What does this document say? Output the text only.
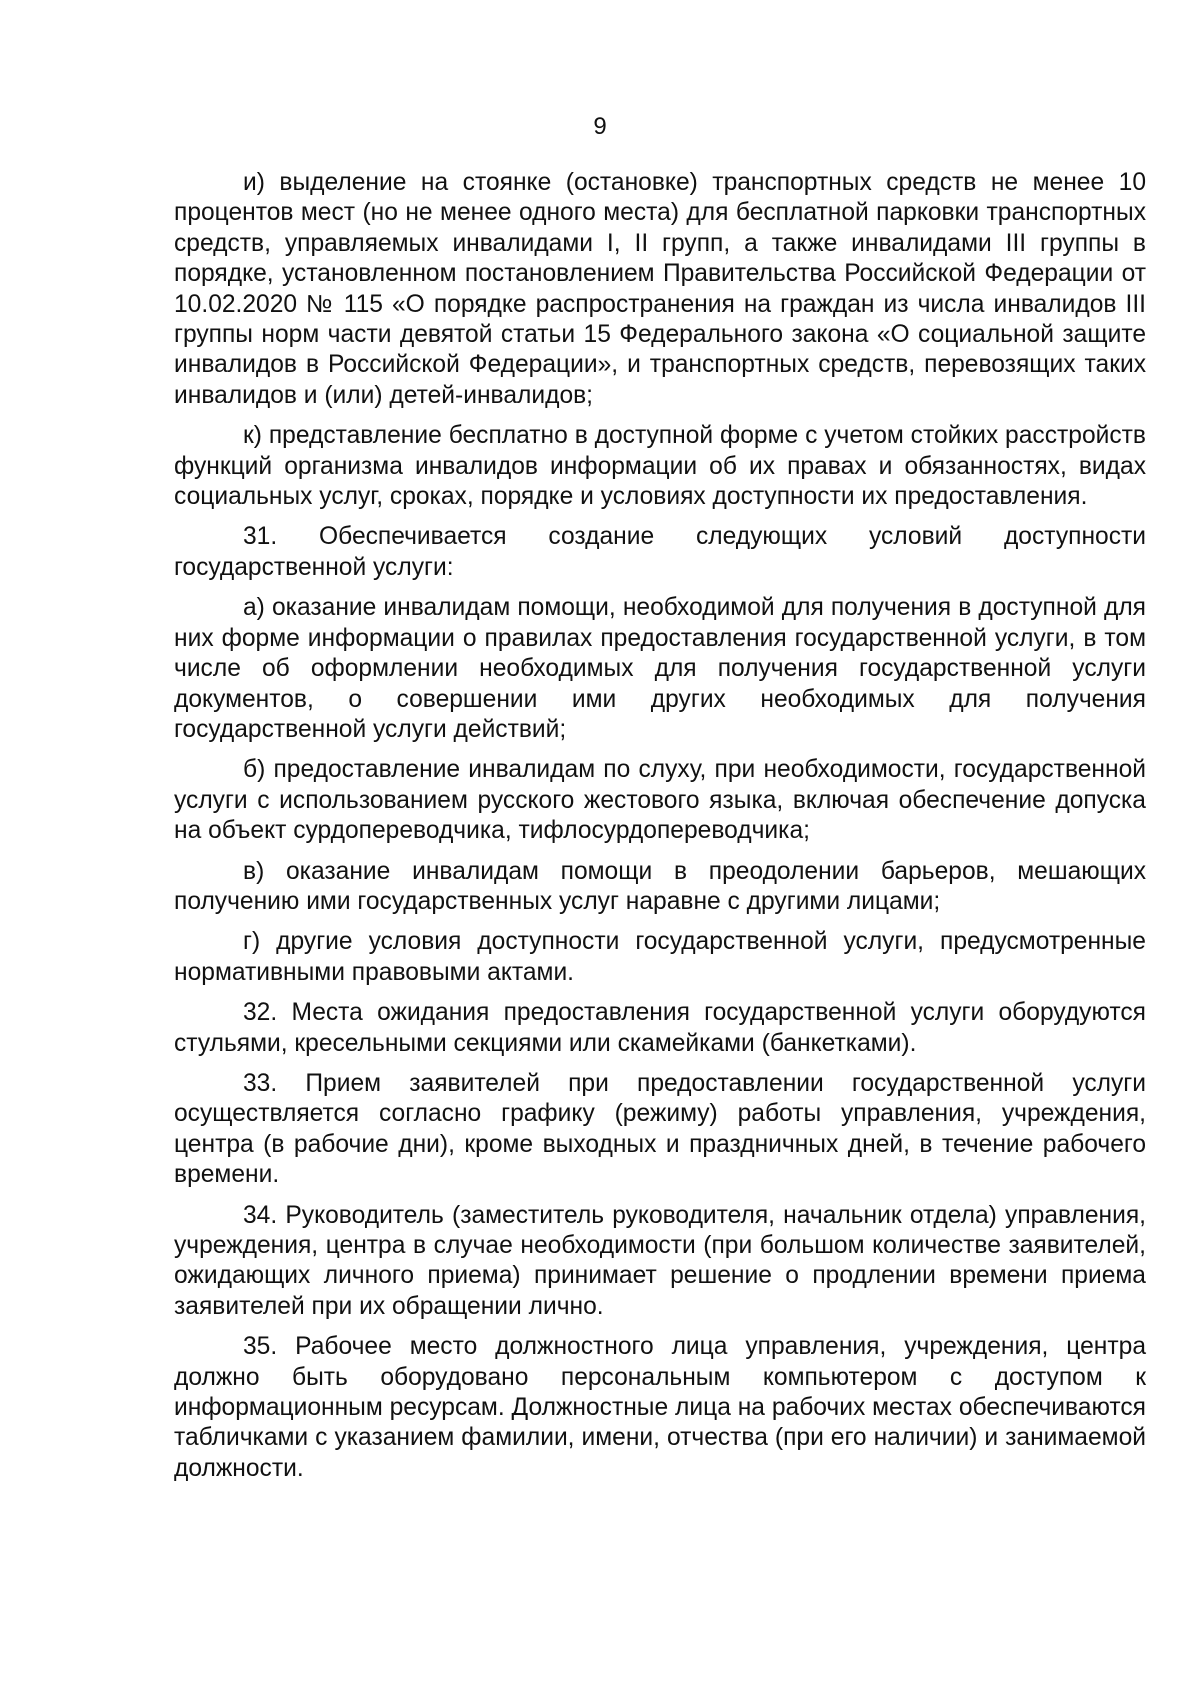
9

и) выделение на стоянке (остановке) транспортных средств не менее 10 процентов мест (но не менее одного места) для бесплатной парковки транспортных средств, управляемых инвалидами I, II групп, а также инвалидами III группы в порядке, установленном постановлением Правительства Российской Федерации от 10.02.2020 № 115 «О порядке распространения на граждан из числа инвалидов III группы норм части девятой статьи 15 Федерального закона «О социальной защите инвалидов в Российской Федерации», и транспортных средств, перевозящих таких инвалидов и (или) детей-инвалидов;

к) представление бесплатно в доступной форме с учетом стойких расстройств функций организма инвалидов информации об их правах и обязанностях, видах социальных услуг, сроках, порядке и условиях доступности их предоставления.

31. Обеспечивается создание следующих условий доступности государственной услуги:

а) оказание инвалидам помощи, необходимой для получения в доступной для них форме информации о правилах предоставления государственной услуги, в том числе об оформлении необходимых для получения государственной услуги документов, о совершении ими других необходимых для получения государственной услуги действий;

б) предоставление инвалидам по слуху, при необходимости, государственной услуги с использованием русского жестового языка, включая обеспечение допуска на объект сурдопереводчика, тифлосурдопереводчика;

в) оказание инвалидам помощи в преодолении барьеров, мешающих получению ими государственных услуг наравне с другими лицами;

г) другие условия доступности государственной услуги, предусмотренные нормативными правовыми актами.

32. Места ожидания предоставления государственной услуги оборудуются стульями, кресельными секциями или скамейками (банкетками).

33. Прием заявителей при предоставлении государственной услуги осуществляется согласно графику (режиму) работы управления, учреждения, центра (в рабочие дни), кроме выходных и праздничных дней, в течение рабочего времени.

34. Руководитель (заместитель руководителя, начальник отдела) управления, учреждения, центра в случае необходимости (при большом количестве заявителей, ожидающих личного приема) принимает решение о продлении времени приема заявителей при их обращении лично.

35. Рабочее место должностного лица управления, учреждения, центра должно быть оборудовано персональным компьютером с доступом к информационным ресурсам. Должностные лица на рабочих местах обеспечиваются табличками с указанием фамилии, имени, отчества (при его наличии) и занимаемой должности.
